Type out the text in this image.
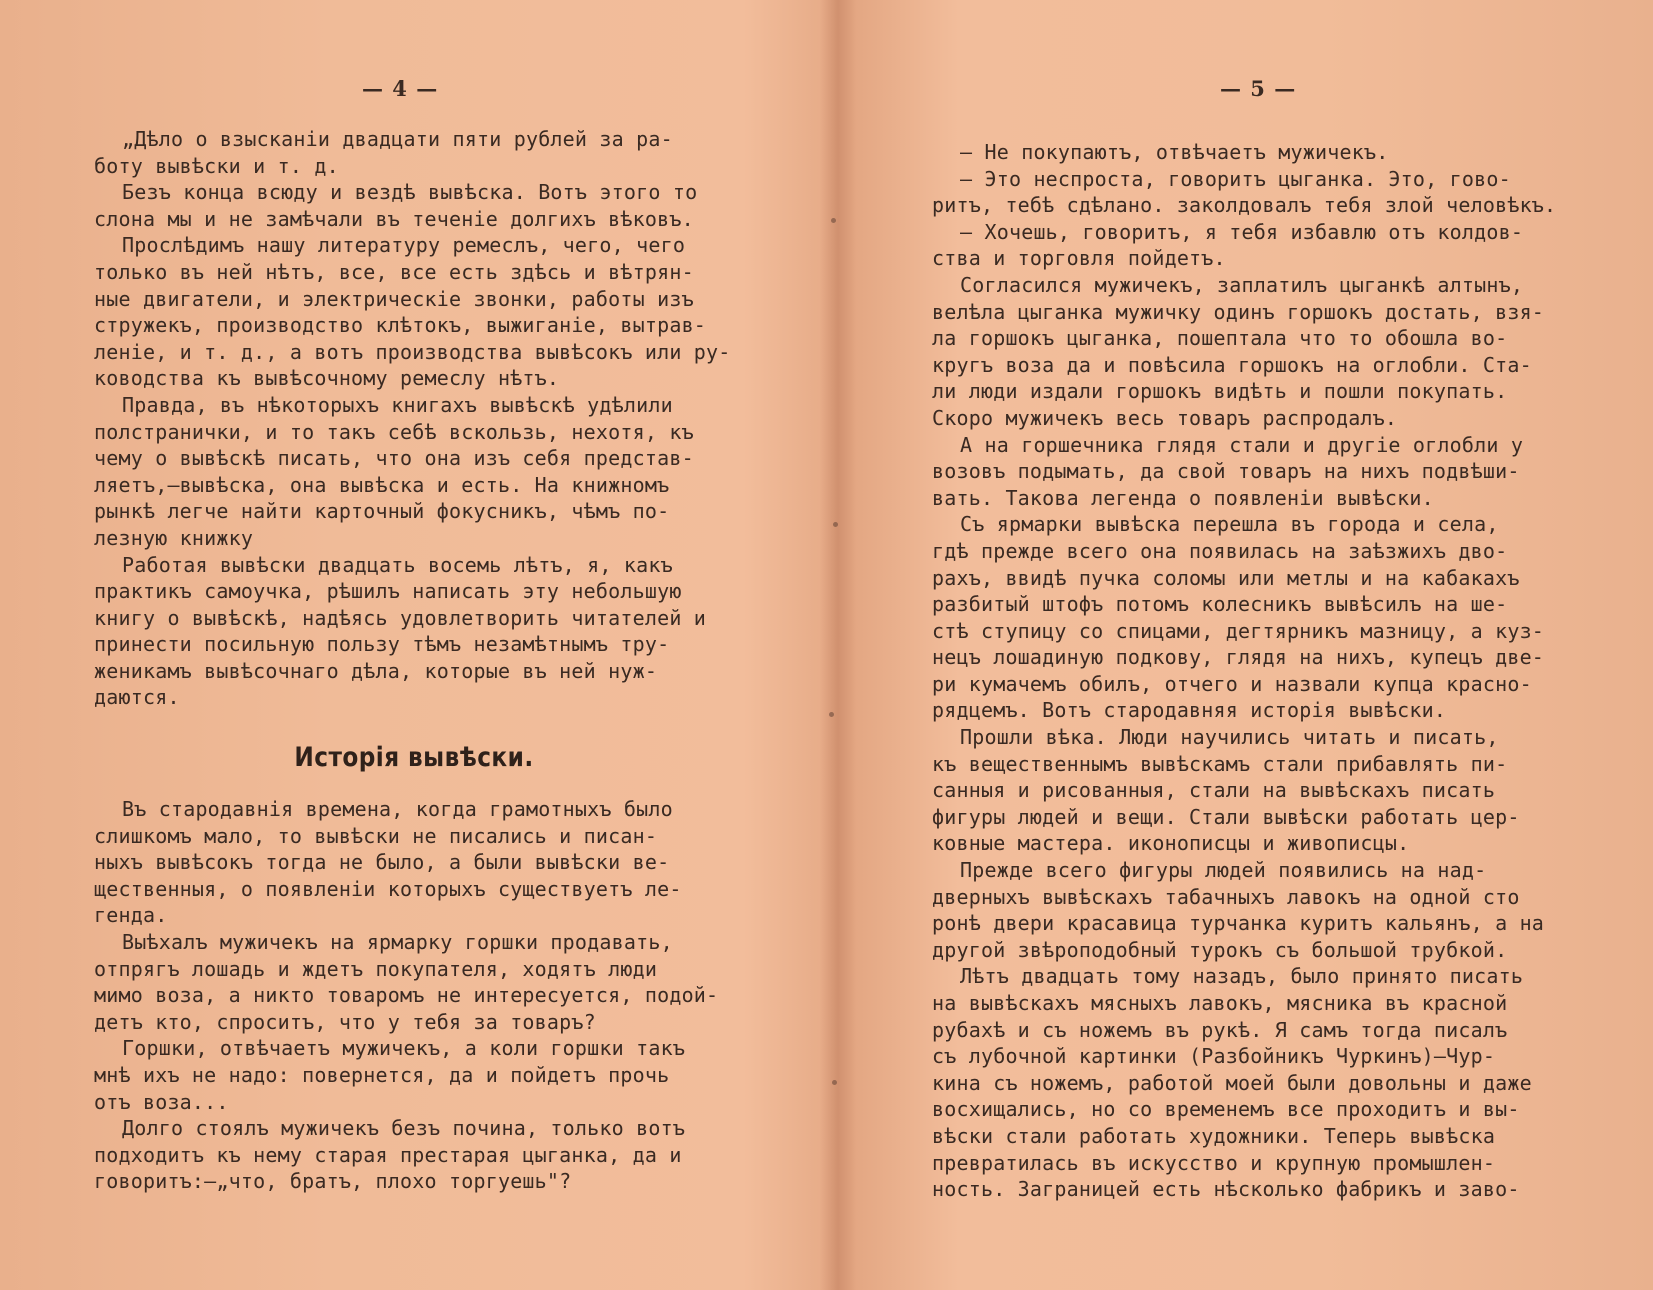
— 4 —
„Дѣло о взысканіи двадцати пяти рублей за ра-
боту вывѣски и т. д.
Безъ конца всюду и вездѣ вывѣска. Вотъ этого то
слона мы и не замѣчали въ теченіе долгихъ вѣковъ.
Прослѣдимъ нашу литературу ремеслъ, чего, чего
только въ ней нѣтъ, все, все есть здѣсь и вѣтрян-
ные двигатели, и электрическіе звонки, работы изъ
стружекъ, производство клѣтокъ, выжиганіе, вытрав-
леніе, и т. д., а вотъ производства вывѣсокъ или ру-
ководства къ вывѣсочному ремеслу нѣтъ.
Правда, въ нѣкоторыхъ книгахъ вывѣскѣ удѣлили
полстранички, и то такъ себѣ вскользь, нехотя, къ
чему о вывѣскѣ писать, что она изъ себя представ-
ляетъ,—вывѣска, она вывѣска и есть. На книжномъ
рынкѣ легче найти карточный фокусникъ, чѣмъ по-
лезную книжку
Работая вывѣски двадцать восемь лѣтъ, я, какъ
практикъ самоучка, рѣшилъ написать эту небольшую
книгу о вывѣскѣ, надѣясь удовлетворить читателей и
принести посильную пользу тѣмъ незамѣтнымъ тру-
женикамъ вывѣсочнаго дѣла, которые въ ней нуж-
даются.
Исторія вывѣски.
Въ стародавнія времена, когда грамотныхъ было
слишкомъ мало, то вывѣски не писались и писан-
ныхъ вывѣсокъ тогда не было, а были вывѣски ве-
щественныя, о появленіи которыхъ существуетъ ле-
генда.
Выѣхалъ мужичекъ на ярмарку горшки продавать,
отпрягъ лошадь и ждетъ покупателя, ходятъ люди
мимо воза, а никто товаромъ не интересуется, подой-
детъ кто, спроситъ, что у тебя за товаръ?
Горшки, отвѣчаетъ мужичекъ, а коли горшки такъ
мнѣ ихъ не надо: повернется, да и пойдетъ прочь
отъ воза...
Долго стоялъ мужичекъ безъ почина, только вотъ
подходитъ къ нему старая престарая цыганка, да и
говоритъ:—„что, братъ, плохо торгуешь"?
— 5 —
— Не покупаютъ, отвѣчаетъ мужичекъ.
— Это неспроста, говоритъ цыганка. Это, гово-
ритъ, тебѣ сдѣлано. заколдовалъ тебя злой человѣкъ.
— Хочешь, говоритъ, я тебя избавлю отъ колдов-
ства и торговля пойдетъ.
Согласился мужичекъ, заплатилъ цыганкѣ алтынъ,
велѣла цыганка мужичку одинъ горшокъ достать, взя-
ла горшокъ цыганка, пошептала что то обошла во-
кругъ воза да и повѣсила горшокъ на оглобли. Ста-
ли люди издали горшокъ видѣть и пошли покупать.
Скоро мужичекъ весь товаръ распродалъ.
А на горшечника глядя стали и другіе оглобли у
возовъ подымать, да свой товаръ на нихъ подвѣши-
вать. Такова легенда о появленіи вывѣски.
Съ ярмарки вывѣска перешла въ города и села,
гдѣ прежде всего она появилась на заѣзжихъ дво-
рахъ, ввидѣ пучка соломы или метлы и на кабакахъ
разбитый штофъ потомъ колесникъ вывѣсилъ на ше-
стѣ ступицу со спицами, дегтярникъ мазницу, а куз-
нецъ лошадиную подкову, глядя на нихъ, купецъ две-
ри кумачемъ обилъ, отчего и назвали купца красно-
рядцемъ. Вотъ стародавняя исторія вывѣски.
Прошли вѣка. Люди научились читать и писать,
къ вещественнымъ вывѣскамъ стали прибавлять пи-
санныя и рисованныя, стали на вывѣскахъ писать
фигуры людей и вещи. Стали вывѣски работать цер-
ковные мастера. иконописцы и живописцы.
Прежде всего фигуры людей появились на над-
дверныхъ вывѣскахъ табачныхъ лавокъ на одной сто
ронѣ двери красавица турчанка куритъ кальянъ, а на
другой звѣроподобный турокъ съ большой трубкой.
Лѣтъ двадцать тому назадъ, было принято писать
на вывѣскахъ мясныхъ лавокъ, мясника въ красной
рубахѣ и съ ножемъ въ рукѣ. Я самъ тогда писалъ
съ лубочной картинки (Разбойникъ Чуркинъ)—Чур-
кина съ ножемъ, работой моей были довольны и даже
восхищались, но со временемъ все проходитъ и вы-
вѣски стали работать художники. Теперь вывѣска
превратилась въ искусство и крупную промышлен-
ность. Заграницей есть нѣсколько фабрикъ и заво-
